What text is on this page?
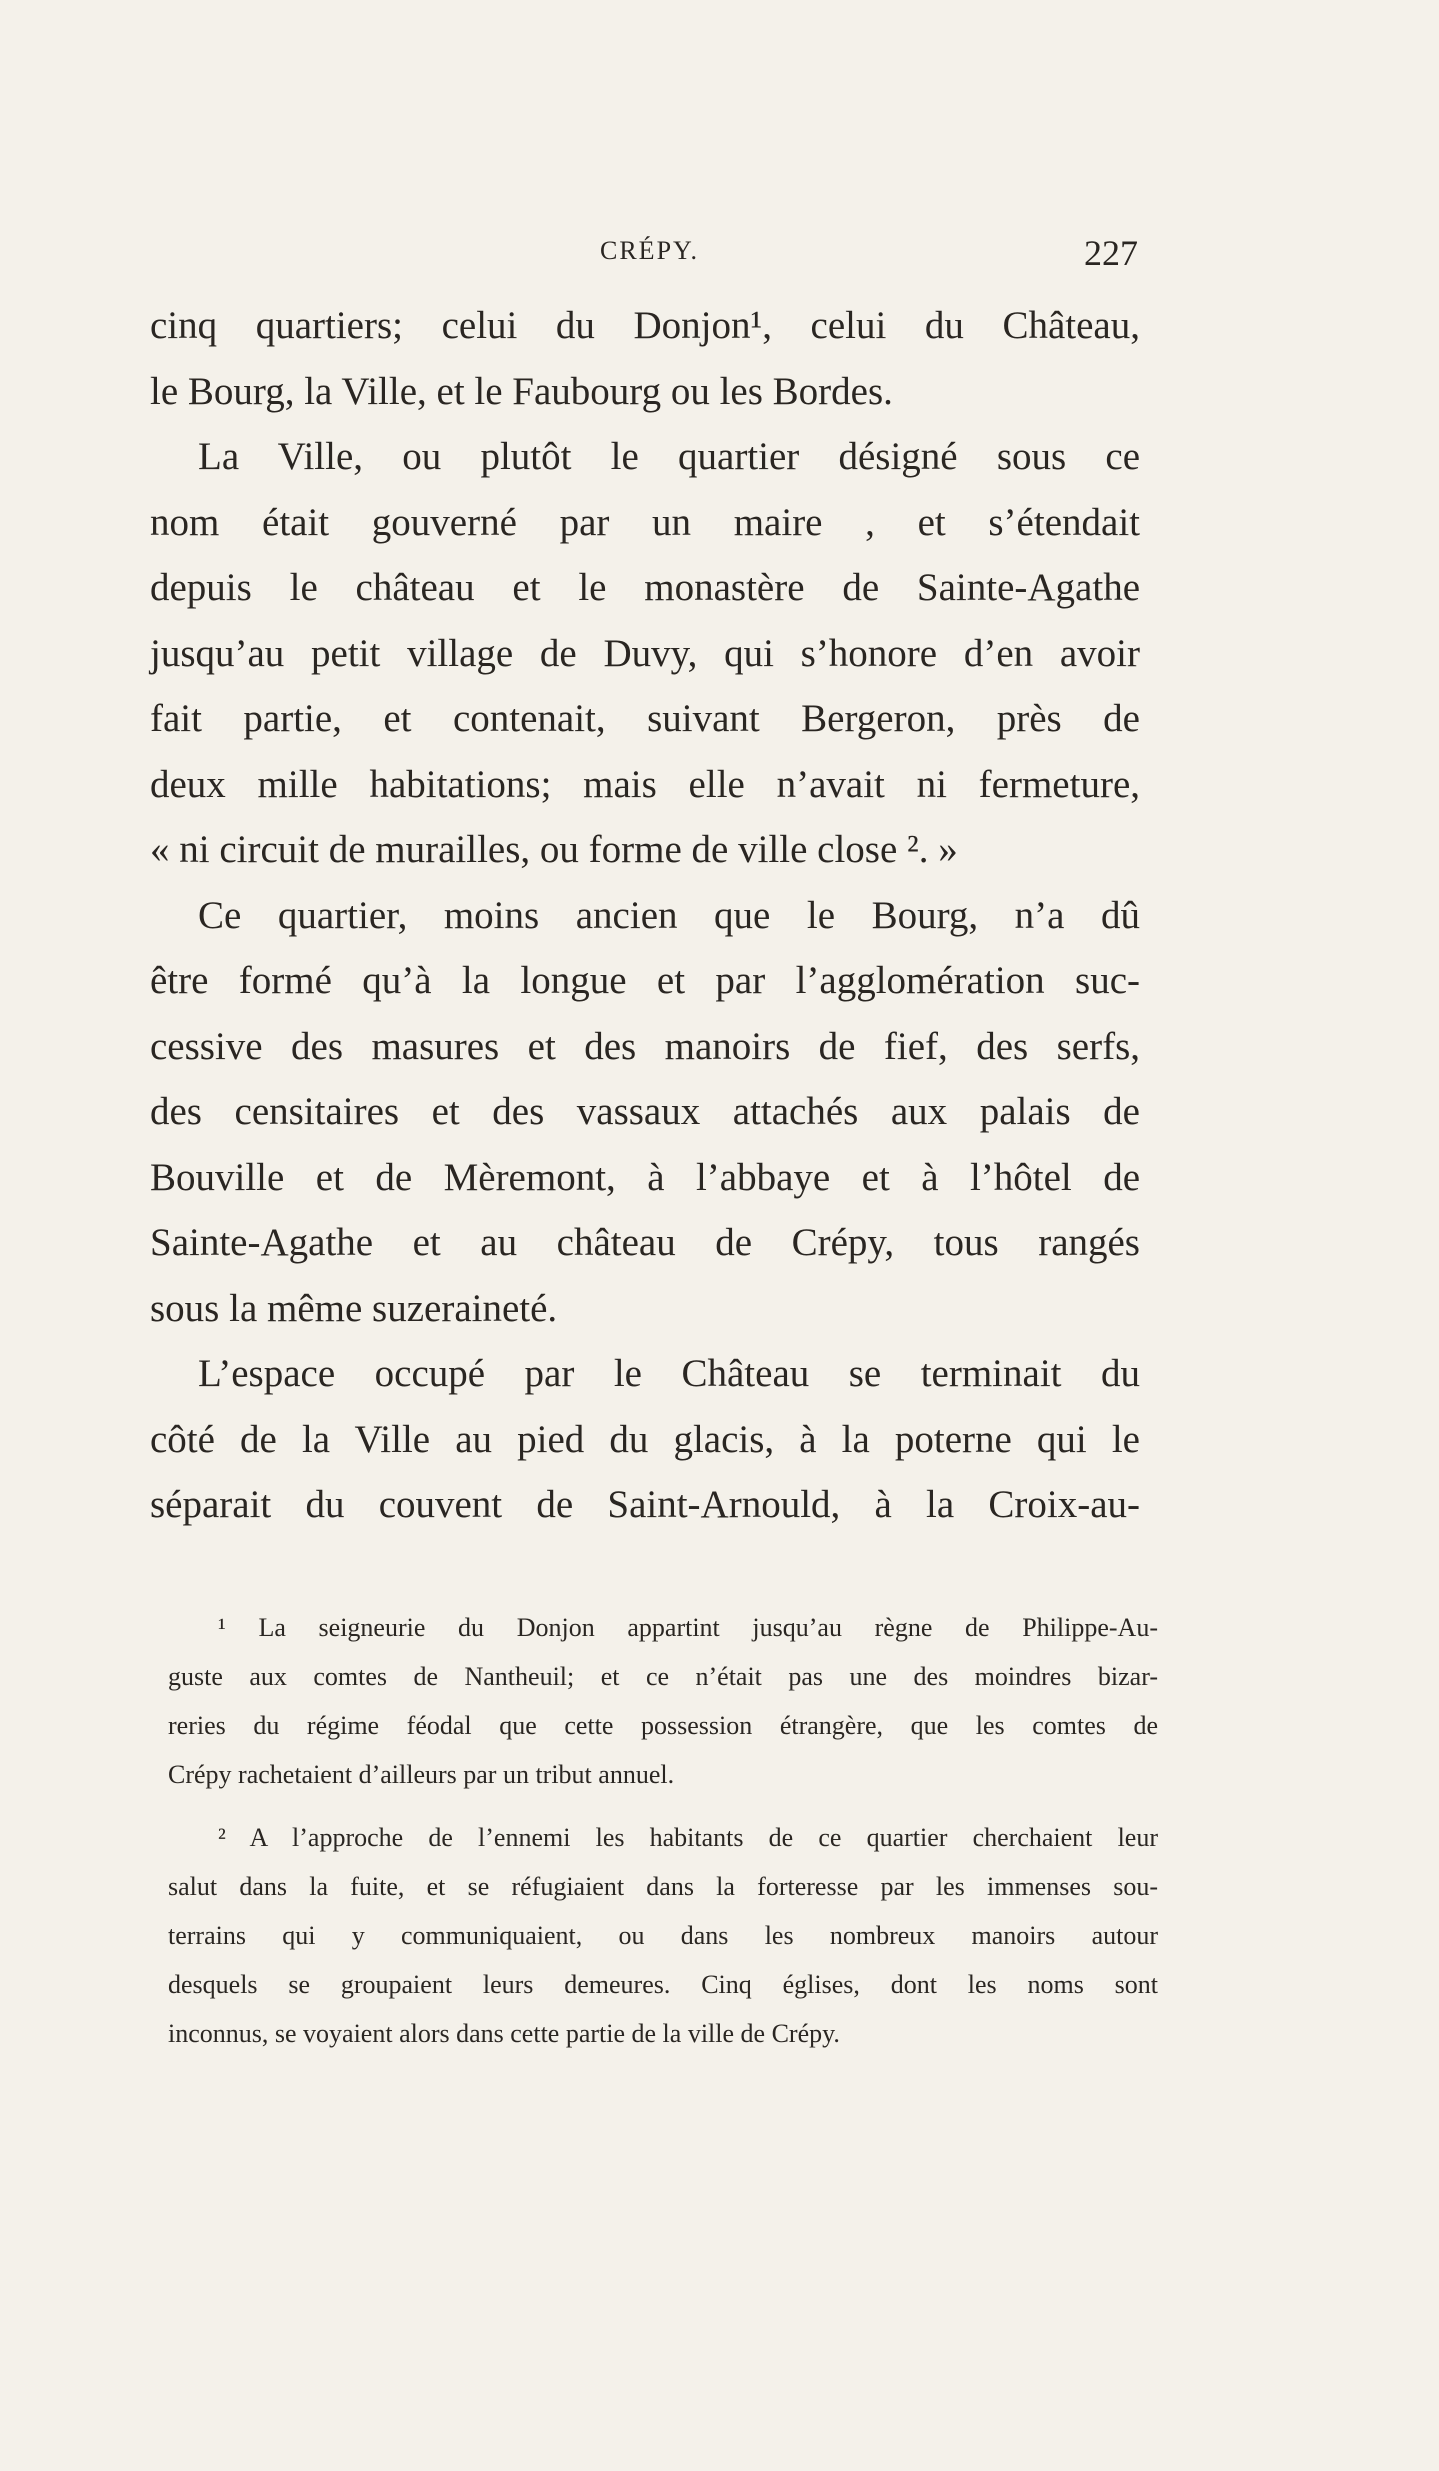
CRÉPY.	227
cinq quartiers; celui du Donjon¹, celui du Château,
le Bourg, la Ville, et le Faubourg ou les Bordes.
La Ville, ou plutôt le quartier désigné sous ce
nom était gouverné par un maire , et s’étendait
depuis le château et le monastère de Sainte-Agathe
jusqu’au petit village de Duvy, qui s’honore d’en avoir
fait partie, et contenait, suivant Bergeron, près de
deux mille habitations; mais elle n’avait ni fermeture,
« ni circuit de murailles, ou forme de ville close ². »
Ce quartier, moins ancien que le Bourg, n’a dû
être formé qu’à la longue et par l’agglomération suc-
cessive des masures et des manoirs de fief, des serfs,
des censitaires et des vassaux attachés aux palais de
Bouville et de Mèremont, à l’abbaye et à l’hôtel de
Sainte-Agathe et au château de Crépy, tous rangés
sous la même suzeraineté.
L’espace occupé par le Château se terminait du
côté de la Ville au pied du glacis, à la poterne qui le
séparait du couvent de Saint-Arnould, à la Croix-au-
¹ La seigneurie du Donjon appartint jusqu’au règne de Philippe-Au-
guste aux comtes de Nantheuil; et ce n’était pas une des moindres bizar-
reries du régime féodal que cette possession étrangère, que les comtes de
Crépy rachetaient d’ailleurs par un tribut annuel.
² A l’approche de l’ennemi les habitants de ce quartier cherchaient leur
salut dans la fuite, et se réfugiaient dans la forteresse par les immenses sou-
terrains qui y communiquaient, ou dans les nombreux manoirs autour
desquels se groupaient leurs demeures. Cinq églises, dont les noms sont
inconnus, se voyaient alors dans cette partie de la ville de Crépy.
